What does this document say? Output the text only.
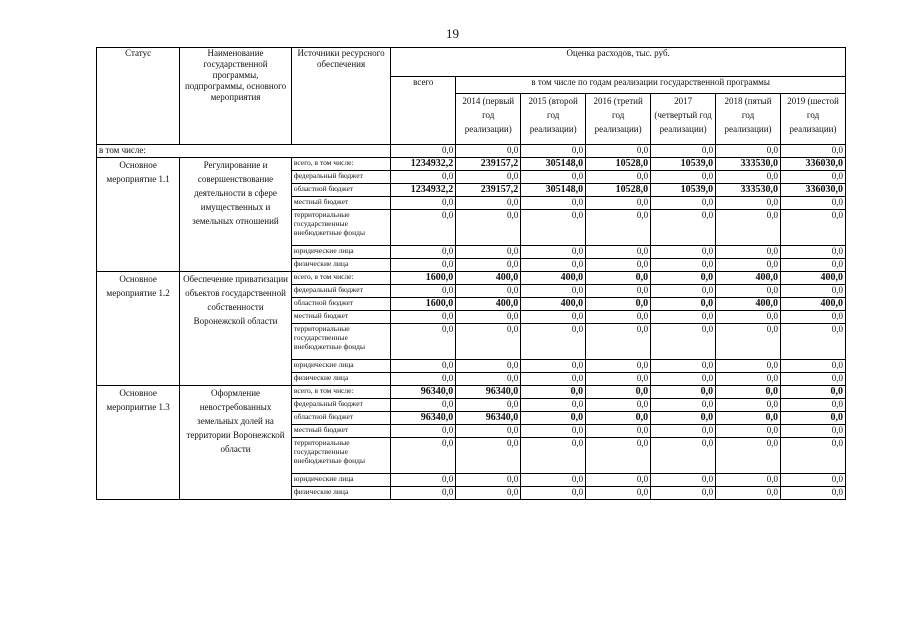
19
Статус	Наименование государственной программы, подпрограммы, основного мероприятия	Источники ресурсного обеспечения	Оценка расходов, тыс. руб.						
			всего	в том числе по годам реализации государственной программы					
				2014 (первый год реализации)	2015 (второй год реализации)	2016 (третий год реализации)	2017 (четвертый год реализации)	2018 (пятый год реализации)	2019 (шестой год реализации)
в том числе:			0,0	0,0	0,0	0,0	0,0	0,0	0,0
Основное мероприятие 1.1	Регулирование и совершенствование деятельности в сфере имущественных и земельных отношений	всего, в том числе:	1234932,2	239157,2	305148,0	10528,0	10539,0	333530,0	336030,0
		федеральный бюджет	0,0	0,0	0,0	0,0	0,0	0,0	0,0
		областной бюджет	1234932,2	239157,2	305148,0	10528,0	10539,0	333530,0	336030,0
		местный бюджет	0,0	0,0	0,0	0,0	0,0	0,0	0,0
		территориальные государственные внебюджетные фонды	0,0	0,0	0,0	0,0	0,0	0,0	0,0
		юридические лица	0,0	0,0	0,0	0,0	0,0	0,0	0,0
		физические лица	0,0	0,0	0,0	0,0	0,0	0,0	0,0
Основное мероприятие 1.2	Обеспечение приватизации объектов государственной собственности Воронежской области	всего, в том числе:	1600,0	400,0	400,0	0,0	0,0	400,0	400,0
		федеральный бюджет	0,0	0,0	0,0	0,0	0,0	0,0	0,0
		областной бюджет	1600,0	400,0	400,0	0,0	0,0	400,0	400,0
		местный бюджет	0,0	0,0	0,0	0,0	0,0	0,0	0,0
		территориальные государственные внебюджетные фонды	0,0	0,0	0,0	0,0	0,0	0,0	0,0
		юридические лица	0,0	0,0	0,0	0,0	0,0	0,0	0,0
		физические лица	0,0	0,0	0,0	0,0	0,0	0,0	0,0
Основное мероприятие 1.3	Оформление невостребованных земельных долей на территории Воронежской области	всего, в том числе:	96340,0	96340,0	0,0	0,0	0,0	0,0	0,0
		федеральный бюджет	0,0	0,0	0,0	0,0	0,0	0,0	0,0
		областной бюджет	96340,0	96340,0	0,0	0,0	0,0	0,0	0,0
		местный бюджет	0,0	0,0	0,0	0,0	0,0	0,0	0,0
		территориальные государственные внебюджетные фонды	0,0	0,0	0,0	0,0	0,0	0,0	0,0
		юридические лица	0,0	0,0	0,0	0,0	0,0	0,0	0,0
		физические лица	0,0	0,0	0,0	0,0	0,0	0,0	0,0
